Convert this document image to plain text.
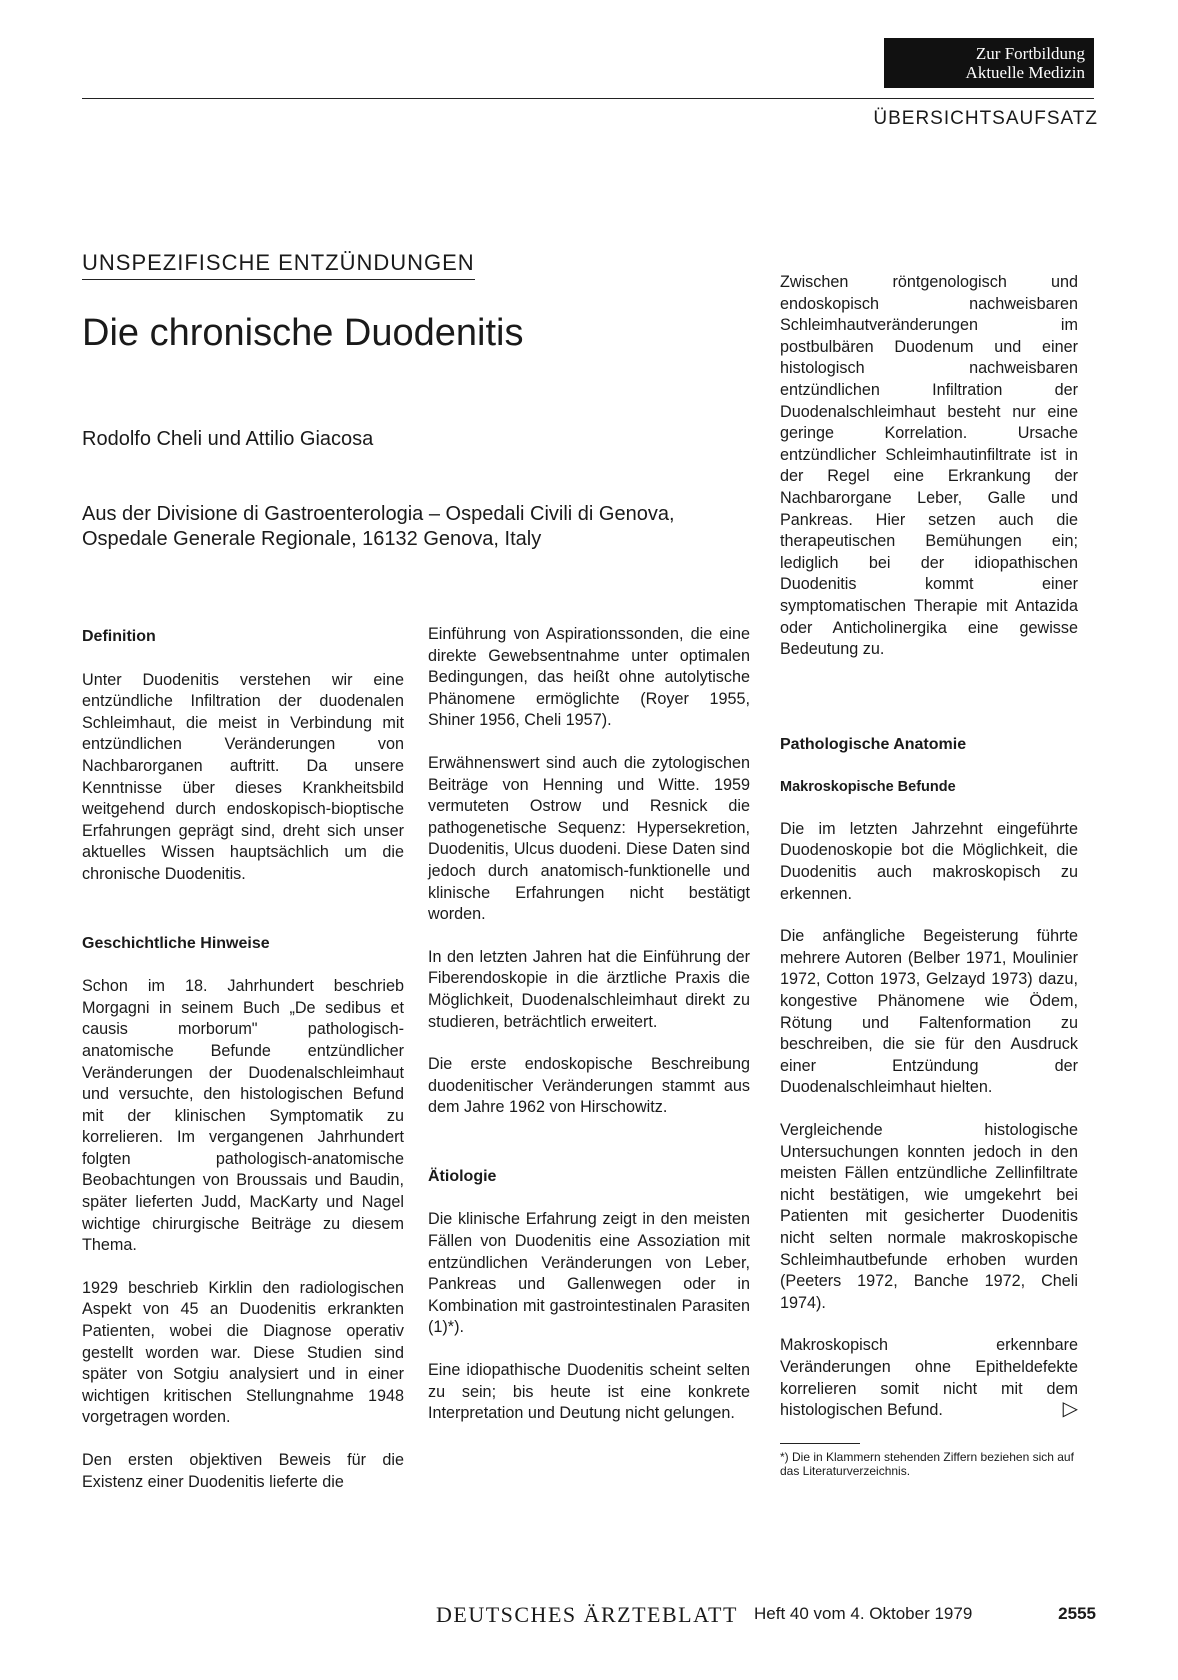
Zur Fortbildung
Aktuelle Medizin
ÜBERSICHTSAUFSATZ
UNSPEZIFISCHE ENTZÜNDUNGEN
Die chronische Duodenitis
Rodolfo Cheli und Attilio Giacosa
Aus der Divisione di Gastroenterologia – Ospedali Civili di Genova,
Ospedale Generale Regionale, 16132 Genova, Italy
Definition

Unter Duodenitis verstehen wir eine entzündliche Infiltration der duodenalen Schleimhaut, die meist in Verbindung mit entzündlichen Veränderungen von Nachbarorganen auftritt. Da unsere Kenntnisse über dieses Krankheitsbild weitgehend durch endoskopisch-bioptische Erfahrungen geprägt sind, dreht sich unser aktuelles Wissen hauptsächlich um die chronische Duodenitis.

Geschichtliche Hinweise

Schon im 18. Jahrhundert beschrieb Morgagni in seinem Buch „De sedibus et causis morborum" pathologisch-anatomische Befunde entzündlicher Veränderungen der Duodenalschleimhaut und versuchte, den histologischen Befund mit der klinischen Symptomatik zu korrelieren. Im vergangenen Jahrhundert folgten pathologisch-anatomische Beobachtungen von Broussais und Baudin, später lieferten Judd, MacKarty und Nagel wichtige chirurgische Beiträge zu diesem Thema.

1929 beschrieb Kirklin den radiologischen Aspekt von 45 an Duodenitis erkrankten Patienten, wobei die Diagnose operativ gestellt worden war. Diese Studien sind später von Sotgiu analysiert und in einer wichtigen kritischen Stellungnahme 1948 vorgetragen worden.

Den ersten objektiven Beweis für die Existenz einer Duodenitis lieferte die

Einführung von Aspirationssonden, die eine direkte Gewebsentnahme unter optimalen Bedingungen, das heißt ohne autolytische Phänomene ermöglichte (Royer 1955, Shiner 1956, Cheli 1957).

Erwähnenswert sind auch die zytologischen Beiträge von Henning und Witte. 1959 vermuteten Ostrow und Resnick die pathogenetische Sequenz: Hypersekretion, Duodenitis, Ulcus duodeni. Diese Daten sind jedoch durch anatomisch-funktionelle und klinische Erfahrungen nicht bestätigt worden.

In den letzten Jahren hat die Einführung der Fiberendoskopie in die ärztliche Praxis die Möglichkeit, Duodenalschleimhaut direkt zu studieren, beträchtlich erweitert.

Die erste endoskopische Beschreibung duodenitischer Veränderungen stammt aus dem Jahre 1962 von Hirschowitz.

Ätiologie

Die klinische Erfahrung zeigt in den meisten Fällen von Duodenitis eine Assoziation mit entzündlichen Veränderungen von Leber, Pankreas und Gallenwegen oder in Kombination mit gastrointestinalen Parasiten (1)*).

Eine idiopathische Duodenitis scheint selten zu sein; bis heute ist eine konkrete Interpretation und Deutung nicht gelungen.

Zwischen röntgenologisch und endoskopisch nachweisbaren Schleimhautveränderungen im postbulbären Duodenum und einer histologisch nachweisbaren entzündlichen Infiltration der Duodenalschleimhaut besteht nur eine geringe Korrelation. Ursache entzündlicher Schleimhautinfiltrate ist in der Regel eine Erkrankung der Nachbarorgane Leber, Galle und Pankreas. Hier setzen auch die therapeutischen Bemühungen ein; lediglich bei der idiopathischen Duodenitis kommt einer symptomatischen Therapie mit Antazida oder Anticholinergika eine gewisse Bedeutung zu.

Pathologische Anatomie
Makroskopische Befunde

Die im letzten Jahrzehnt eingeführte Duodenoskopie bot die Möglichkeit, die Duodenitis auch makroskopisch zu erkennen.

Die anfängliche Begeisterung führte mehrere Autoren (Belber 1971, Moulinier 1972, Cotton 1973, Gelzayd 1973) dazu, kongestive Phänomene wie Ödem, Rötung und Faltenformation zu beschreiben, die sie für den Ausdruck einer Entzündung der Duodenalschleimhaut hielten.

Vergleichende histologische Untersuchungen konnten jedoch in den meisten Fällen entzündliche Zellinfiltrate nicht bestätigen, wie umgekehrt bei Patienten mit gesicherter Duodenitis nicht selten normale makroskopische Schleimhautbefunde erhoben wurden (Peeters 1972, Banche 1972, Cheli 1974).

Makroskopisch erkennbare Veränderungen ohne Epitheldefekte korrelieren somit nicht mit dem histologischen Befund.	▷

*) Die in Klammern stehenden Ziffern beziehen sich auf das Literaturverzeichnis.
DEUTSCHES ÄRZTEBLATT Heft 40 vom 4. Oktober 1979	2555
